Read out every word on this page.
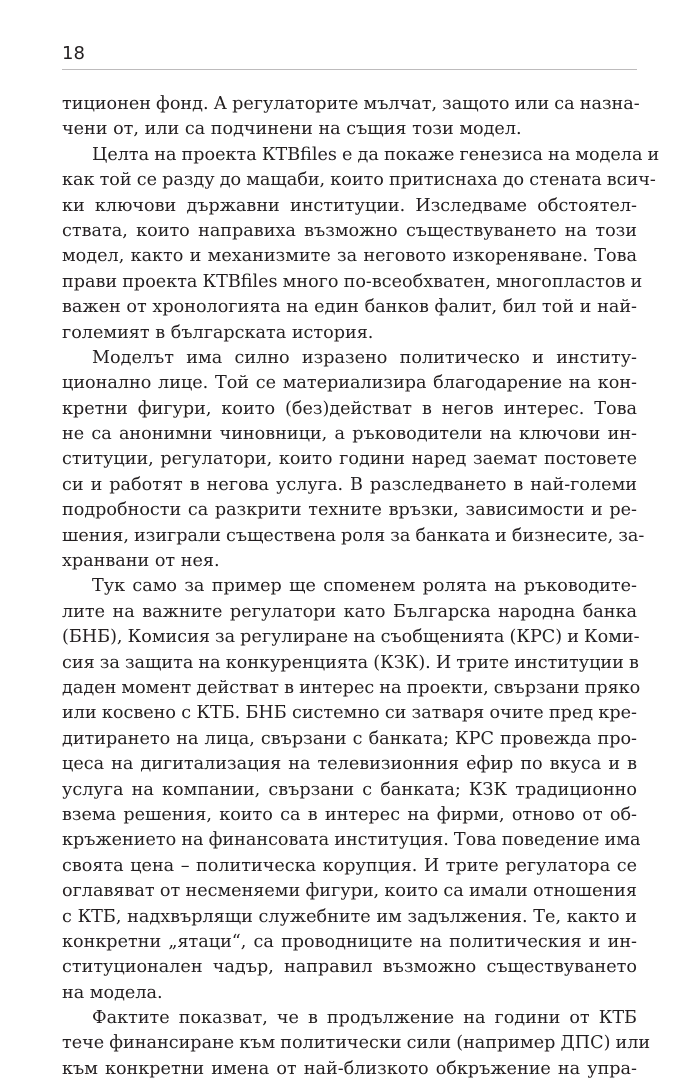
18
тиционен фонд. А регулаторите мълчат, защото или са назна-
чени от, или са подчинени на същия този модел.
Целта на проекта КТВfiles е да покаже генезиса на модела и
как той се разду до мащаби, които притиснаха до стената всич-
ки ключови държавни институции. Изследваме обстоятел-
ствата, които направиха възможно съществуването на този
модел, както и механизмите за неговото изкореняване. Това
прави проекта КТВfiles много по-всеобхватен, многопластов и
важен от хронологията на един банков фалит, бил той и най-
големият в българската история.
Моделът има силно изразено политическо и институ-
ционално лице. Той се материализира благодарение на кон-
кретни фигури, които (без)действат в негов интерес. Това
не са анонимни чиновници, а ръководители на ключови ин-
ституции, регулатори, които години наред заемат постовете
си и работят в негова услуга. В разследването в най-големи
подробности са разкрити техните връзки, зависимости и ре-
шения, изиграли съществена роля за банката и бизнесите, за-
хранвани от нея.
Тук само за пример ще споменем ролята на ръководите-
лите на важните регулатори като Българска народна банка
(БНБ), Комисия за регулиране на съобщенията (КРС) и Коми-
сия за защита на конкуренцията (КЗК). И трите институции в
даден момент действат в интерес на проекти, свързани пряко
или косвено с КТБ. БНБ системно си затваря очите пред кре-
дитирането на лица, свързани с банката; КРС провежда про-
цеса на дигитализация на телевизионния ефир по вкуса и в
услуга на компании, свързани с банката; КЗК традиционно
взема решения, които са в интерес на фирми, отново от об-
кръжението на финансовата институция. Това поведение има
своята цена – политическа корупция. И трите регулатора се
оглавяват от несменяеми фигури, които са имали отношения
с КТБ, надхвърлящи служебните им задължения. Те, както и
конкретни „ятаци“, са проводниците на политическия и ин-
ституционален чадър, направил възможно съществуването
на модела.
Фактите показват, че в продължение на години от КТБ
тече финансиране към политически сили (например ДПС) или
към конкретни имена от най-близкото обкръжение на упра-
